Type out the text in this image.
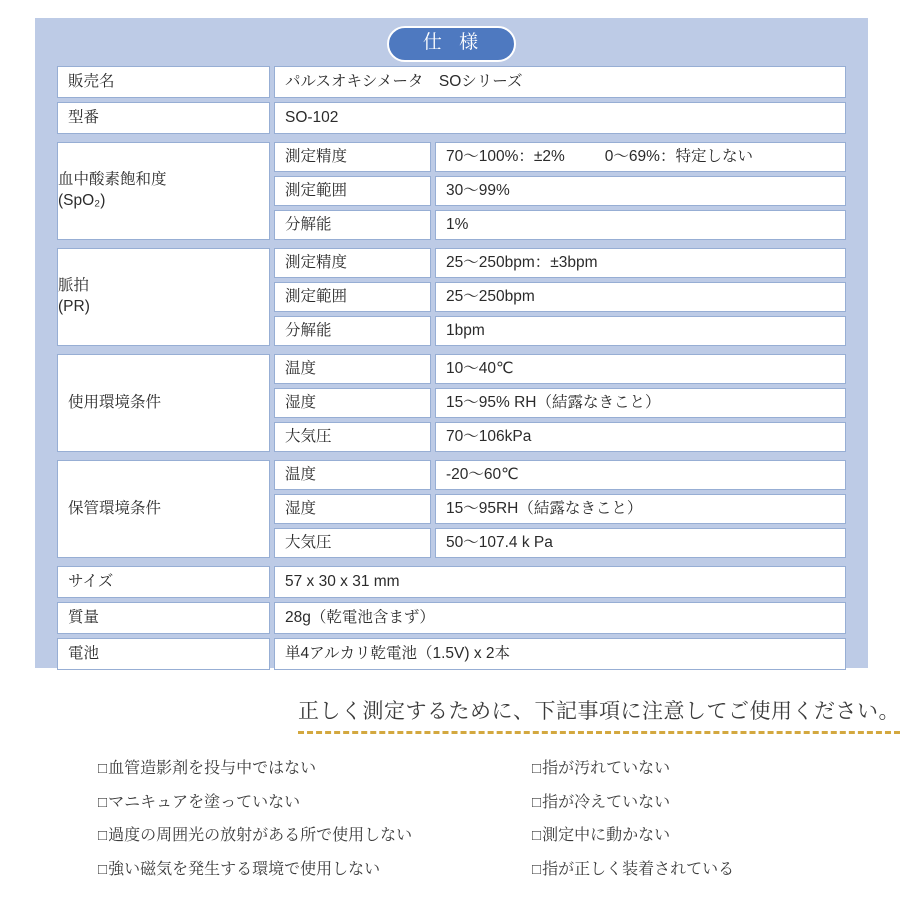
仕 様
販売名	パルスオキシメータ　SOシリーズ
型番	SO-102
血中酸素飽和度
(SpO₂)
測定精度	70〜100%：±2%	0〜69%：特定しない
測定範囲	30〜99%
分解能	1%
脈拍
(PR)
測定精度	25〜250bpm：±3bpm
測定範囲	25〜250bpm
分解能	1bpm
使用環境条件
温度	10〜40℃
湿度	15〜95% RH（結露なきこと）
大気圧	70〜106kPa
保管環境条件
温度	-20〜60℃
湿度	15〜95RH（結露なきこと）
大気圧	50〜107.4 k Pa
サイズ	57 x 30 x 31 mm
質量	28g（乾電池含まず）
電池	単4アルカリ乾電池（1.5V) x 2本
正しく測定するために、下記事項に注意してご使用ください。
□血管造影剤を投与中ではない
□マニキュアを塗っていない
□過度の周囲光の放射がある所で使用しない
□強い磁気を発生する環境で使用しない
□指が汚れていない
□指が冷えていない
□測定中に動かない
□指が正しく装着されている
